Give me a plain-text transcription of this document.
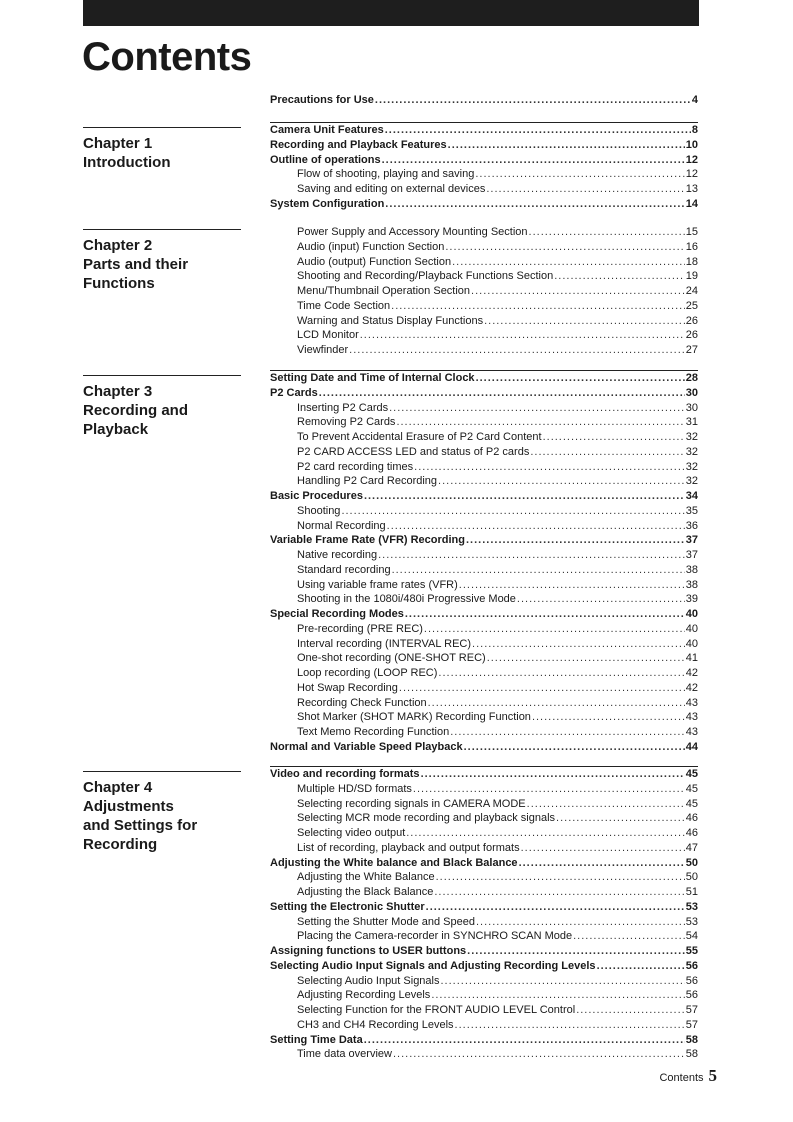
Contents
Chapter 1
Introduction
Chapter 2
Parts and their
Functions
Chapter 3
Recording and
Playback
Chapter 4
Adjustments
and Settings for
Recording
Precautions for Use .....	4
Camera Unit Features .....	8
Recording and Playback Features .....	10
Outline of operations .....	12
Flow of shooting, playing and saving .....	12
Saving and editing on external devices .....	13
System Configuration .....	14
Power Supply and Accessory Mounting Section .....	15
Audio (input) Function Section .....	16
Audio (output) Function Section .....	18
Shooting and Recording/Playback Functions Section .....	19
Menu/Thumbnail Operation Section .....	24
Time Code Section .....	25
Warning and Status Display Functions .....	26
LCD Monitor .....	26
Viewfinder .....	27
Setting Date and Time of Internal Clock .....	28
P2 Cards .....	30
Inserting P2 Cards .....	30
Removing P2 Cards .....	31
To Prevent Accidental Erasure of P2 Card Content .....	32
P2 CARD ACCESS LED and status of P2 cards .....	32
P2 card recording times .....	32
Handling P2 Card Recording .....	32
Basic Procedures .....	34
Shooting .....	35
Normal Recording .....	36
Variable Frame Rate (VFR) Recording .....	37
Native recording .....	37
Standard recording .....	38
Using variable frame rates (VFR) .....	38
Shooting in the 1080i/480i Progressive Mode .....	39
Special Recording Modes .....	40
Pre-recording (PRE REC) .....	40
Interval recording (INTERVAL REC) .....	40
One-shot recording (ONE-SHOT REC) .....	41
Loop recording (LOOP REC) .....	42
Hot Swap Recording .....	42
Recording Check Function .....	43
Shot Marker (SHOT MARK) Recording Function .....	43
Text Memo Recording Function .....	43
Normal and Variable Speed Playback .....	44
Video and recording formats .....	45
Multiple HD/SD formats .....	45
Selecting recording signals in CAMERA MODE .....	45
Selecting MCR mode recording and playback signals .....	46
Selecting video output .....	46
List of recording, playback and output formats .....	47
Adjusting the White balance and Black Balance .....	50
Adjusting the White Balance .....	50
Adjusting the Black Balance .....	51
Setting the Electronic Shutter .....	53
Setting the Shutter Mode and Speed .....	53
Placing the Camera-recorder in SYNCHRO SCAN Mode .....	54
Assigning functions to USER buttons .....	55
Selecting Audio Input Signals and Adjusting Recording Levels .....	56
Selecting Audio Input Signals .....	56
Adjusting Recording Levels .....	56
Selecting Function for the FRONT AUDIO LEVEL Control .....	57
CH3 and CH4 Recording Levels .....	57
Setting Time Data .....	58
Time data overview .....	58
Contents 5
